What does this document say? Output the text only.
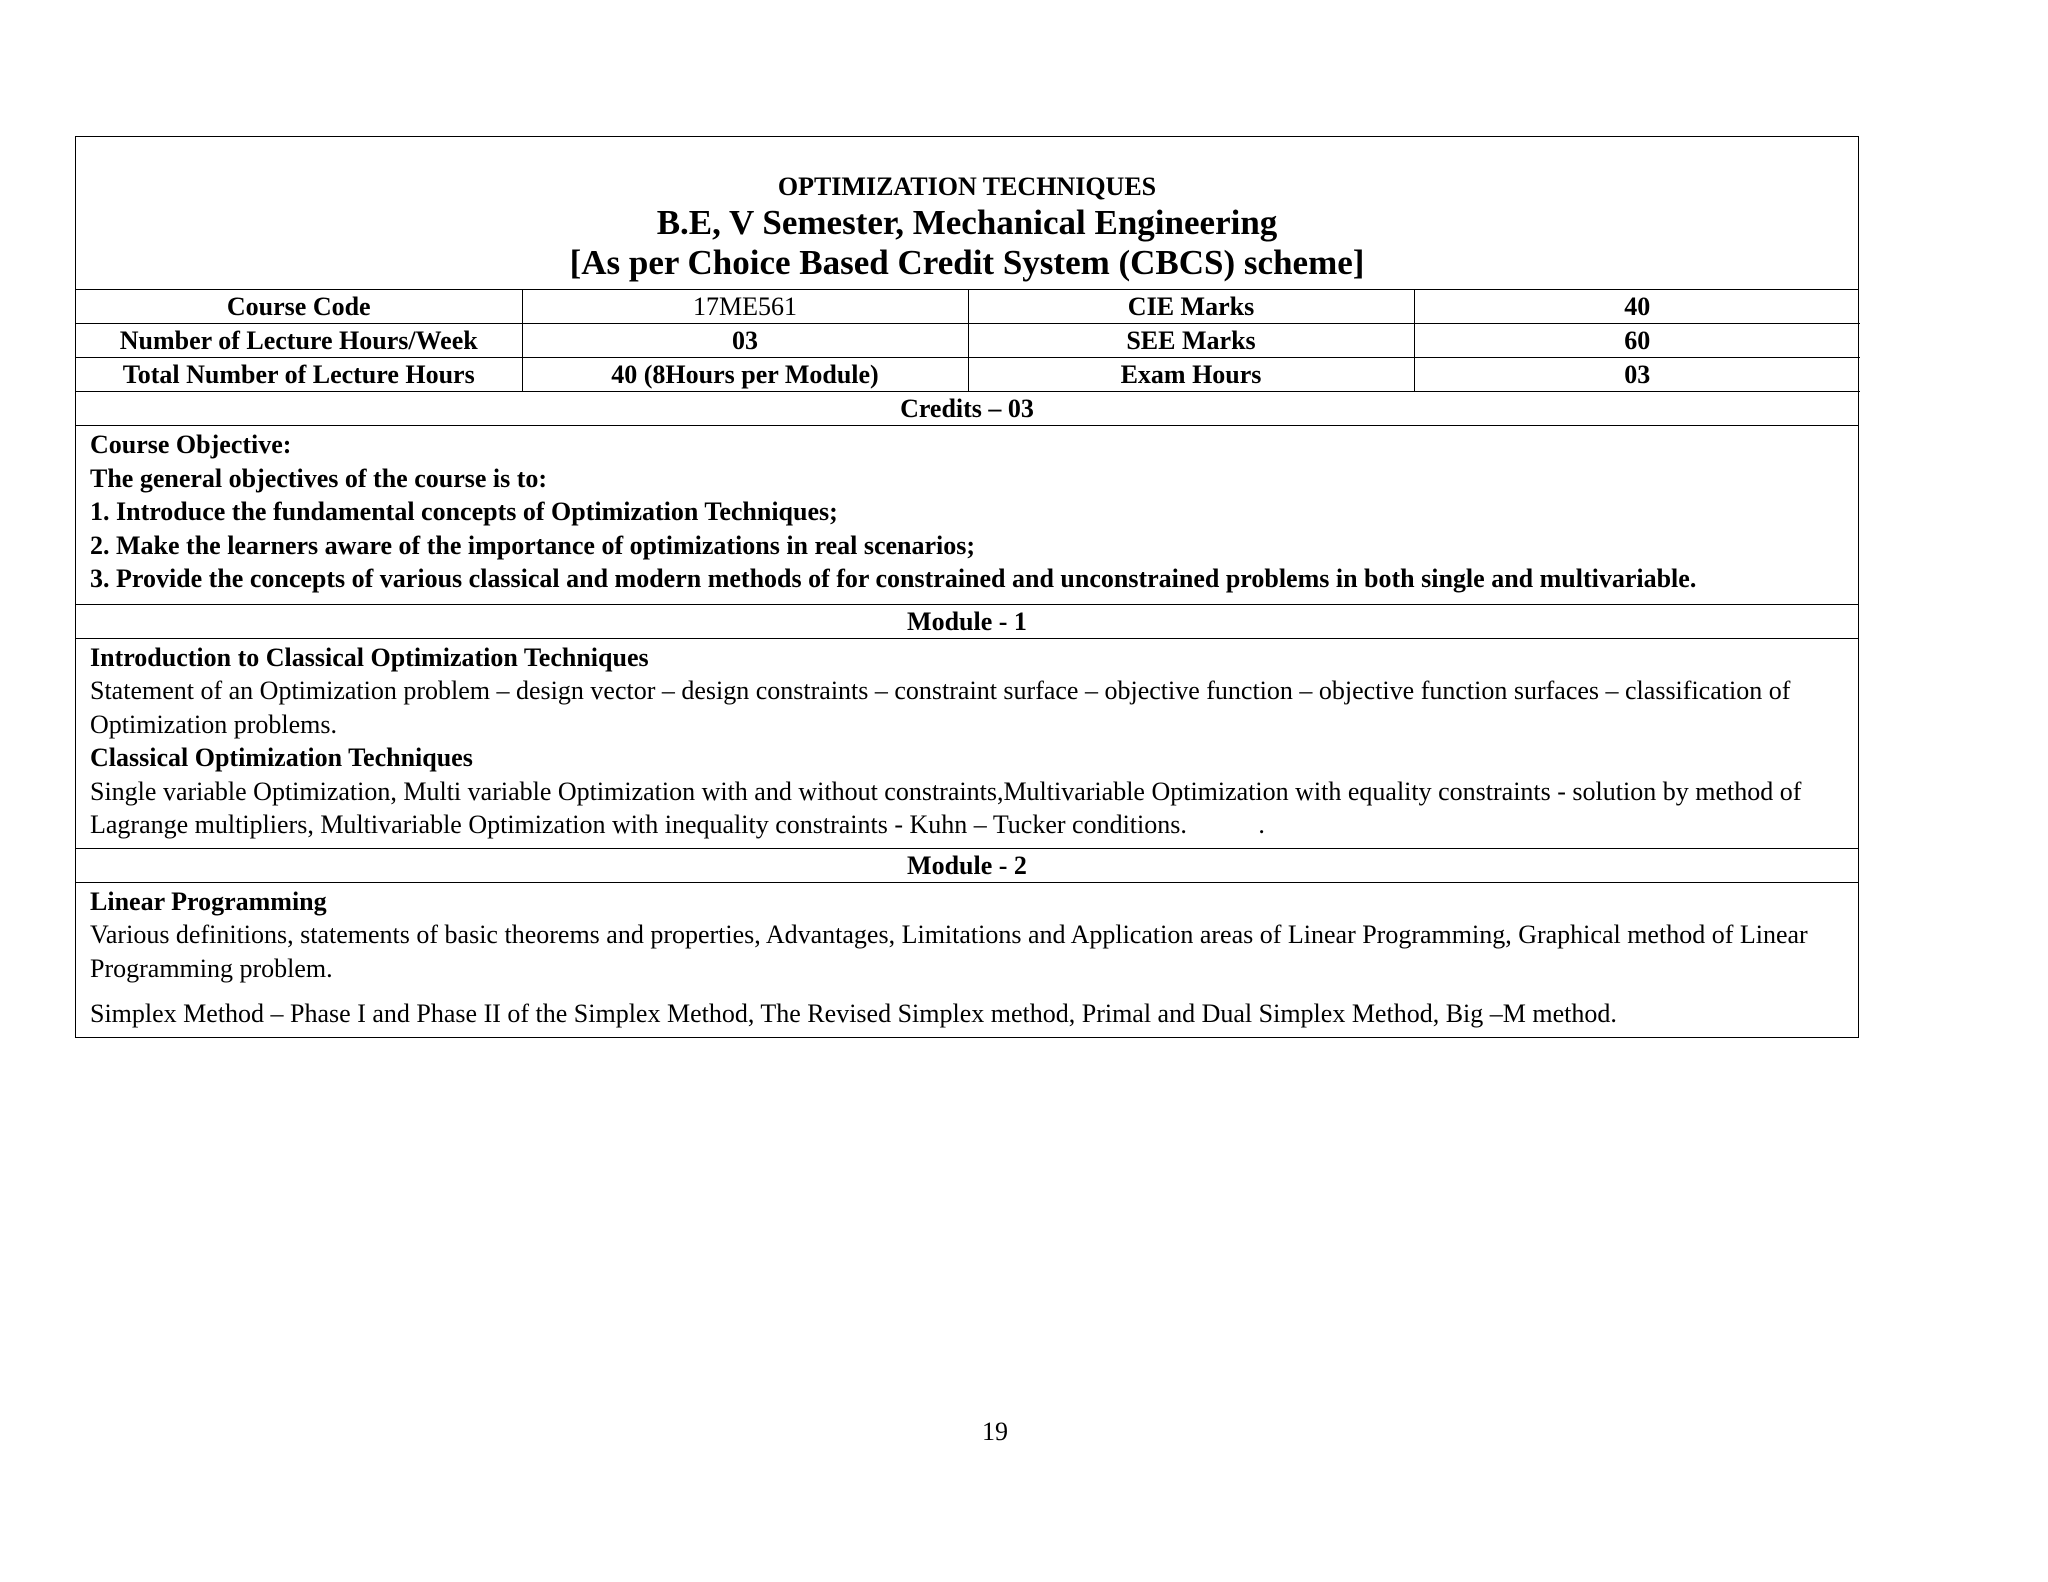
OPTIMIZATION TECHNIQUES
B.E, V Semester, Mechanical Engineering
[As per Choice Based Credit System (CBCS) scheme]
Course Code	17ME561	CIE Marks	40
Number of Lecture Hours/Week	03	SEE Marks	60
Total Number of Lecture Hours	40 (8Hours per Module)	Exam Hours	03
Credits – 03
Course Objective:
The general objectives of the course is to:
1. Introduce the fundamental concepts of Optimization Techniques;
2. Make the learners aware of the importance of optimizations in real scenarios;
3. Provide the concepts of various classical and modern methods of for constrained and unconstrained problems in both single and multivariable.
Module - 1
Introduction to Classical Optimization Techniques
Statement of an Optimization problem – design vector – design constraints – constraint surface – objective function – objective function surfaces – classification of Optimization problems.
Classical Optimization Techniques
Single variable Optimization, Multi variable Optimization with and without constraints,Multivariable Optimization with equality constraints - solution by method of Lagrange multipliers, Multivariable Optimization with inequality constraints - Kuhn – Tucker conditions.           .
Module - 2
Linear Programming
Various definitions, statements of basic theorems and properties, Advantages, Limitations and Application areas of Linear Programming, Graphical method of Linear Programming problem.
Simplex Method – Phase I and Phase II of the Simplex Method, The Revised Simplex method, Primal and Dual Simplex Method, Big –M method.
19
